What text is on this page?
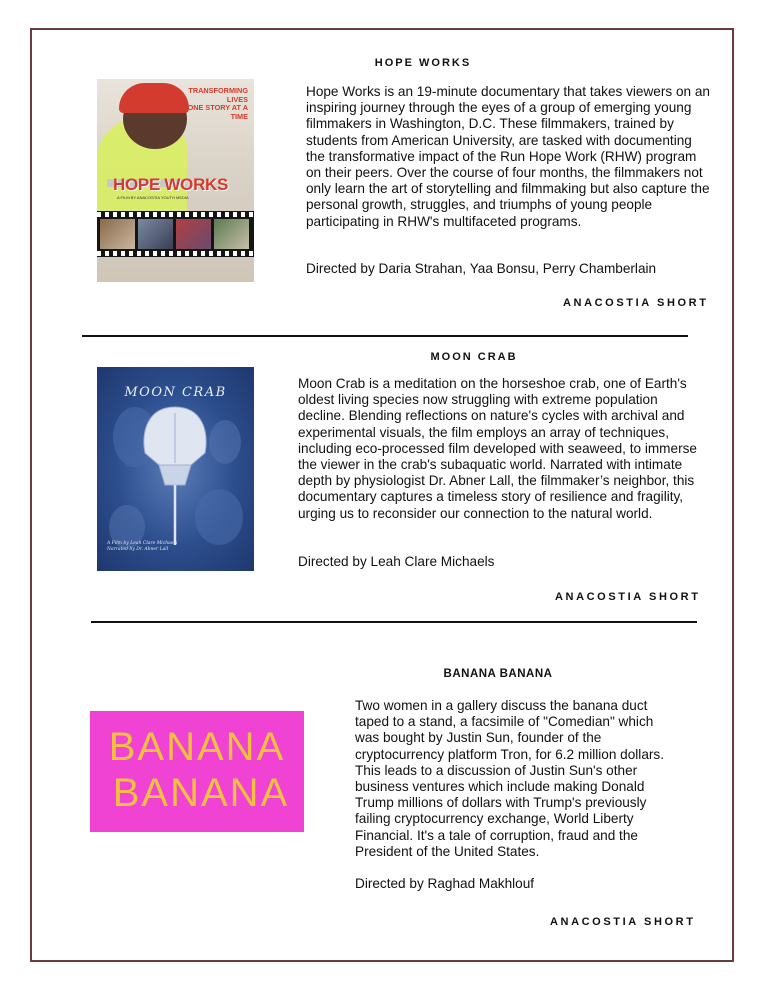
HOPE WORKS
TRANSFORMING LIVES
ONE STORY AT A TIME
HOPE WORKS
A FILM BY ANACOSTIA YOUTH MEDIA
Hope Works is an 19-minute documentary that takes viewers on an inspiring journey through the eyes of a group of emerging young filmmakers in Washington, D.C. These filmmakers, trained by students from American University, are tasked with documenting the transformative impact of the Run Hope Work (RHW) program on their peers. Over the course of four months, the filmmakers not only learn the art of storytelling and filmmaking but also capture the personal growth, struggles, and triumphs of young people participating in RHW's multifaceted programs.
Directed by Daria Strahan, Yaa Bonsu, Perry Chamberlain
ANACOSTIA SHORT
MOON CRAB
MOON CRAB
A Film by Leah Clare Michaels
Narrated by Dr. Abner Lall
Moon Crab is a meditation on the horseshoe crab, one of Earth's oldest living species now struggling with extreme population decline. Blending reflections on nature's cycles with archival and experimental visuals, the film employs an array of techniques, including eco-processed film developed with seaweed, to immerse the viewer in the crab's subaquatic world. Narrated with intimate depth by physiologist Dr. Abner Lall, the filmmaker’s neighbor, this documentary captures a timeless story of resilience and fragility, urging us to reconsider our connection to the natural world.
Directed by Leah Clare Michaels
ANACOSTIA SHORT
BANANA BANANA
BANANA
BANANA
Two women in a gallery discuss the banana duct taped to a stand, a facsimile of "Comedian" which was bought by Justin Sun, founder of the cryptocurrency platform Tron, for 6.2 million dollars. This leads to a discussion of Justin Sun's other business ventures which include making Donald Trump millions of dollars with Trump's previously failing cryptocurrency exchange, World Liberty Financial. It's a tale of corruption, fraud and the President of the United States.
Directed by Raghad Makhlouf
ANACOSTIA SHORT
